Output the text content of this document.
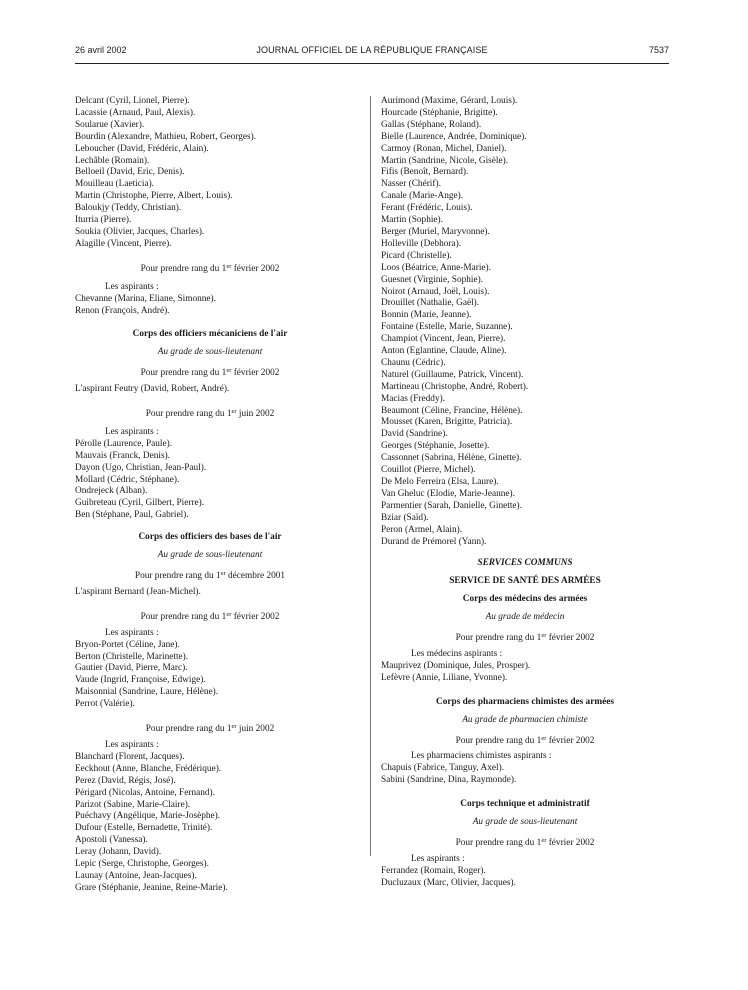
26 avril 2002	JOURNAL OFFICIEL DE LA RÉPUBLIQUE FRANÇAISE	7537
Delcant (Cyril, Lionel, Pierre).
Lacassie (Arnaud, Paul, Alexis).
Soularue (Xavier).
Bourdin (Alexandre, Mathieu, Robert, Georges).
Leboucher (David, Frédéric, Alain).
Lechâble (Romain).
Belloeil (David, Eric, Denis).
Mouilleau (Laeticia).
Martin (Christophe, Pierre, Albert, Louis).
Baloukjy (Teddy, Christian).
Iturria (Pierre).
Soukia (Olivier, Jacques, Charles).
Alagille (Vincent, Pierre).
Pour prendre rang du 1er février 2002
Les aspirants :
Chevanne (Marina, Eliane, Simonne).
Renon (François, André).
Corps des officiers mécaniciens de l'air
Au grade de sous-lieutenant
Pour prendre rang du 1er février 2002
L'aspirant Feutry (David, Robert, André).
Pour prendre rang du 1er juin 2002
Les aspirants :
Pérolle (Laurence, Paule).
Mauvais (Franck, Denis).
Dayon (Ugo, Christian, Jean-Paul).
Mollard (Cédric, Stéphane).
Ondrejeck (Alban).
Guibreteau (Cyril, Gilbert, Pierre).
Ben (Stéphane, Paul, Gabriel).
Corps des officiers des bases de l'air
Au grade de sous-lieutenant
Pour prendre rang du 1er décembre 2001
L'aspirant Bernard (Jean-Michel).
Pour prendre rang du 1er février 2002
Les aspirants :
Bryon-Portet (Céline, Jane).
Berton (Christelle, Marinette).
Gautier (David, Pierre, Marc).
Vaude (Ingrid, Françoise, Edwige).
Maisonnial (Sandrine, Laure, Hélène).
Perrot (Valérie).
Pour prendre rang du 1er juin 2002
Les aspirants :
Blanchard (Florent, Jacques).
Eeckhout (Anne, Blanche, Frédérique).
Perez (David, Régis, José).
Périgard (Nicolas, Antoine, Fernand).
Parizot (Sabine, Marie-Claire).
Puéchavy (Angélique, Marie-Josèphe).
Dufour (Estelle, Bernadette, Trinité).
Apostoli (Vanessa).
Leray (Johann, David).
Lepic (Serge, Christophe, Georges).
Launay (Antoine, Jean-Jacques).
Grare (Stéphanie, Jeanine, Reine-Marie).
Aurimond (Maxime, Gérard, Louis).
Hourcade (Stéphanie, Brigitte).
Gallas (Stéphane, Roland).
Bielle (Laurence, Andrée, Dominique).
Carmoy (Ronan, Michel, Daniel).
Martin (Sandrine, Nicole, Gisèle).
Fifis (Benoît, Bernard).
Nasser (Chérif).
Canale (Marie-Ange).
Ferant (Frédéric, Louis).
Martin (Sophie).
Berger (Muriel, Maryvonne).
Holleville (Debhora).
Picard (Christelle).
Loos (Béatrice, Anne-Marie).
Guesnet (Virginie, Sophie).
Noirot (Arnaud, Joël, Louis).
Drouillet (Nathalie, Gaël).
Bonnin (Marie, Jeanne).
Fontaine (Estelle, Marie, Suzanne).
Champiot (Vincent, Jean, Pierre).
Anton (Eglantine, Claude, Aline).
Chaunu (Cédric).
Naturel (Guillaume, Patrick, Vincent).
Martineau (Christophe, André, Robert).
Macias (Freddy).
Beaumont (Céline, Francine, Hélène).
Mousset (Karen, Brigitte, Patricia).
David (Sandrine).
Georges (Stéphanie, Josette).
Cassonnet (Sabrina, Hélène, Ginette).
Couillot (Pierre, Michel).
De Melo Ferreira (Elsa, Laure).
Van Gheluc (Elodie, Marie-Jeanne).
Parmentier (Sarah, Danielle, Ginette).
Bziar (Saïd).
Peron (Armel, Alain).
Durand de Prémorel (Yann).
SERVICES COMMUNS
SERVICE DE SANTÉ DES ARMÉES
Corps des médecins des armées
Au grade de médecin
Pour prendre rang du 1er février 2002
Les médecins aspirants :
Mauprivez (Dominique, Jules, Prosper).
Lefèvre (Annie, Liliane, Yvonne).
Corps des pharmaciens chimistes des armées
Au grade de pharmacien chimiste
Pour prendre rang du 1er février 2002
Les pharmaciens chimistes aspirants :
Chapuis (Fabrice, Tanguy, Axel).
Sabini (Sandrine, Dina, Raymonde).
Corps technique et administratif
Au grade de sous-lieutenant
Pour prendre rang du 1er février 2002
Les aspirants :
Ferrandez (Romain, Roger).
Ducluzaux (Marc, Olivier, Jacques).
